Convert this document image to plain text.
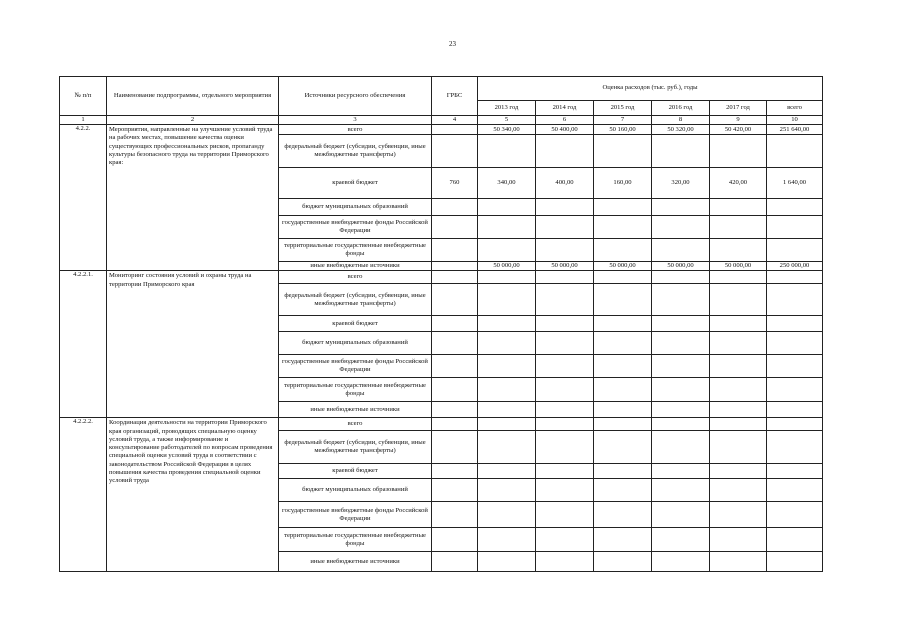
23
№ п/п	Наименование подпрограммы, отдельного мероприятия	Источники ресурсного обеспечения	ГРБС	Оценка расходов (тыс. руб.), годы					
				2013 год	2014 год	2015 год	2016 год	2017 год	всего
1	2	3	4	5	6	7	8	9	10
4.2.2.	Мероприятия, направленные на улучшение условий труда на рабочих местах, повышение качества оценки существующих профессиональных рисков, пропаганду культуры безопасного труда на территории Приморского края:	всего		50 340,00	50 400,00	50 160,00	50 320,00	50 420,00	251 640,00
		федеральный бюджет (субсидии, субвенции, иные межбюджетные трансферты)							
		краевой бюджет	760	340,00	400,00	160,00	320,00	420,00	1 640,00
		бюджет муниципальных образований							
		государственные внебюджетные фонды Российской Федерации							
		территориальные государственные внебюджетные фонды							
		иные внебюджетные источники		50 000,00	50 000,00	50 000,00	50 000,00	50 000,00	250 000,00
4.2.2.1.	Мониторинг состояния условий и охраны труда на территории Приморского края	всего							
		федеральный бюджет (субсидии, субвенции, иные межбюджетные трансферты)							
		краевой бюджет							
		бюджет муниципальных образований							
		государственные внебюджетные фонды Российской Федерации							
		территориальные государственные внебюджетные фонды							
		иные внебюджетные источники							
4.2.2.2.	Координация деятельности на территории Приморского края организаций, проводящих специальную оценку условий труда, а также информирование и консультирование работодателей по вопросам проведения специальной оценки условий труда в соответствии с законодательством Российской Федерации в целях повышения качества проведения специальной оценки условий труда	всего							
		федеральный бюджет (субсидии, субвенции, иные межбюджетные трансферты)							
		краевой бюджет							
		бюджет муниципальных образований							
		государственные внебюджетные фонды Российской Федерации							
		территориальные государственные внебюджетные фонды							
		иные внебюджетные источники							
